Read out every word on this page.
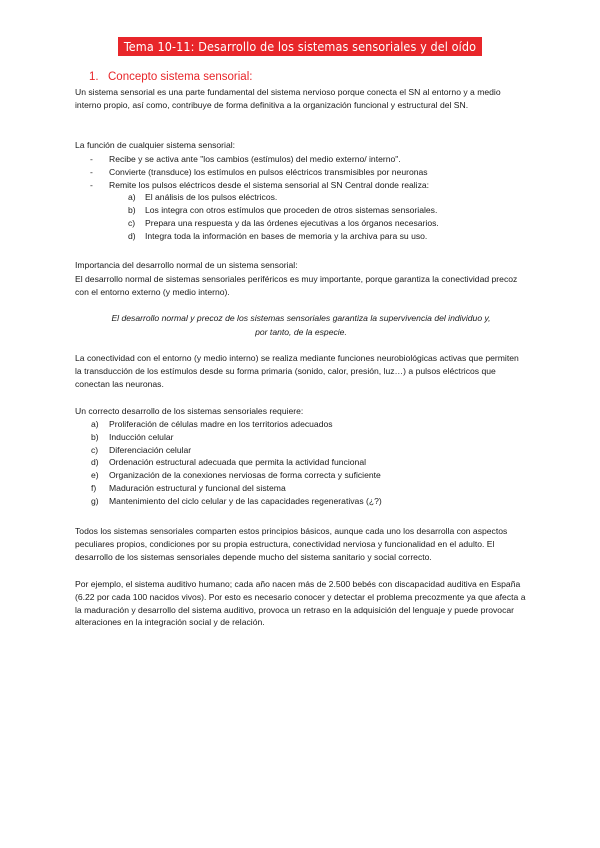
Tema 10-11: Desarrollo de los sistemas sensoriales y del oído
1. Concepto sistema sensorial:
Un sistema sensorial es una parte fundamental del sistema nervioso porque conecta el SN al entorno y a medio interno propio, así como, contribuye de forma definitiva a la organización funcional y estructural del SN.
La función de cualquier sistema sensorial:
- Recibe y se activa ante "los cambios (estímulos) del medio externo/ interno".
- Convierte (transduce) los estímulos en pulsos eléctricos transmisibles por neuronas
- Remite los pulsos eléctricos desde el sistema sensorial al SN Central donde realiza:
a) El análisis de los pulsos eléctricos.
b) Los integra con otros estímulos que proceden de otros sistemas sensoriales.
c) Prepara una respuesta y da las órdenes ejecutivas a los órganos necesarios.
d) Integra toda la información en bases de memoria y la archiva para su uso.
Importancia del desarrollo normal de un sistema sensorial:
El desarrollo normal de sistemas sensoriales periféricos es muy importante, porque garantiza la conectividad precoz con el entorno externo (y medio interno).
El desarrollo normal y precoz de los sistemas sensoriales garantiza la supervivencia del individuo y,
por tanto, de la especie.
La conectividad con el entorno (y medio interno) se realiza mediante funciones neurobiológicas activas que permiten la transducción de los estímulos desde su forma primaria (sonido, calor, presión, luz…) a pulsos eléctricos que conectan las neuronas.
Un correcto desarrollo de los sistemas sensoriales requiere:
a) Proliferación de células madre en los territorios adecuados
b) Inducción celular
c) Diferenciación celular
d) Ordenación estructural adecuada que permita la actividad funcional
e) Organización de la conexiones nerviosas de forma correcta y suficiente
f) Maduración estructural y funcional del sistema
g) Mantenimiento del ciclo celular y de las capacidades regenerativas (¿?)
Todos los sistemas sensoriales comparten estos principios básicos, aunque cada uno los desarrolla con aspectos peculiares propios, condiciones por su propia estructura, conectividad nerviosa y funcionalidad en el adulto. El desarrollo de los sistemas sensoriales depende mucho del sistema sanitario y social correcto.
Por ejemplo, el sistema auditivo humano; cada año nacen más de 2.500 bebés con discapacidad auditiva en España (6.22 por cada 100 nacidos vivos). Por esto es necesario conocer y detectar el problema precozmente ya que afecta a la maduración y desarrollo del sistema auditivo, provoca un retraso en la adquisición del lenguaje y puede provocar alteraciones en la integración social y de relación.
